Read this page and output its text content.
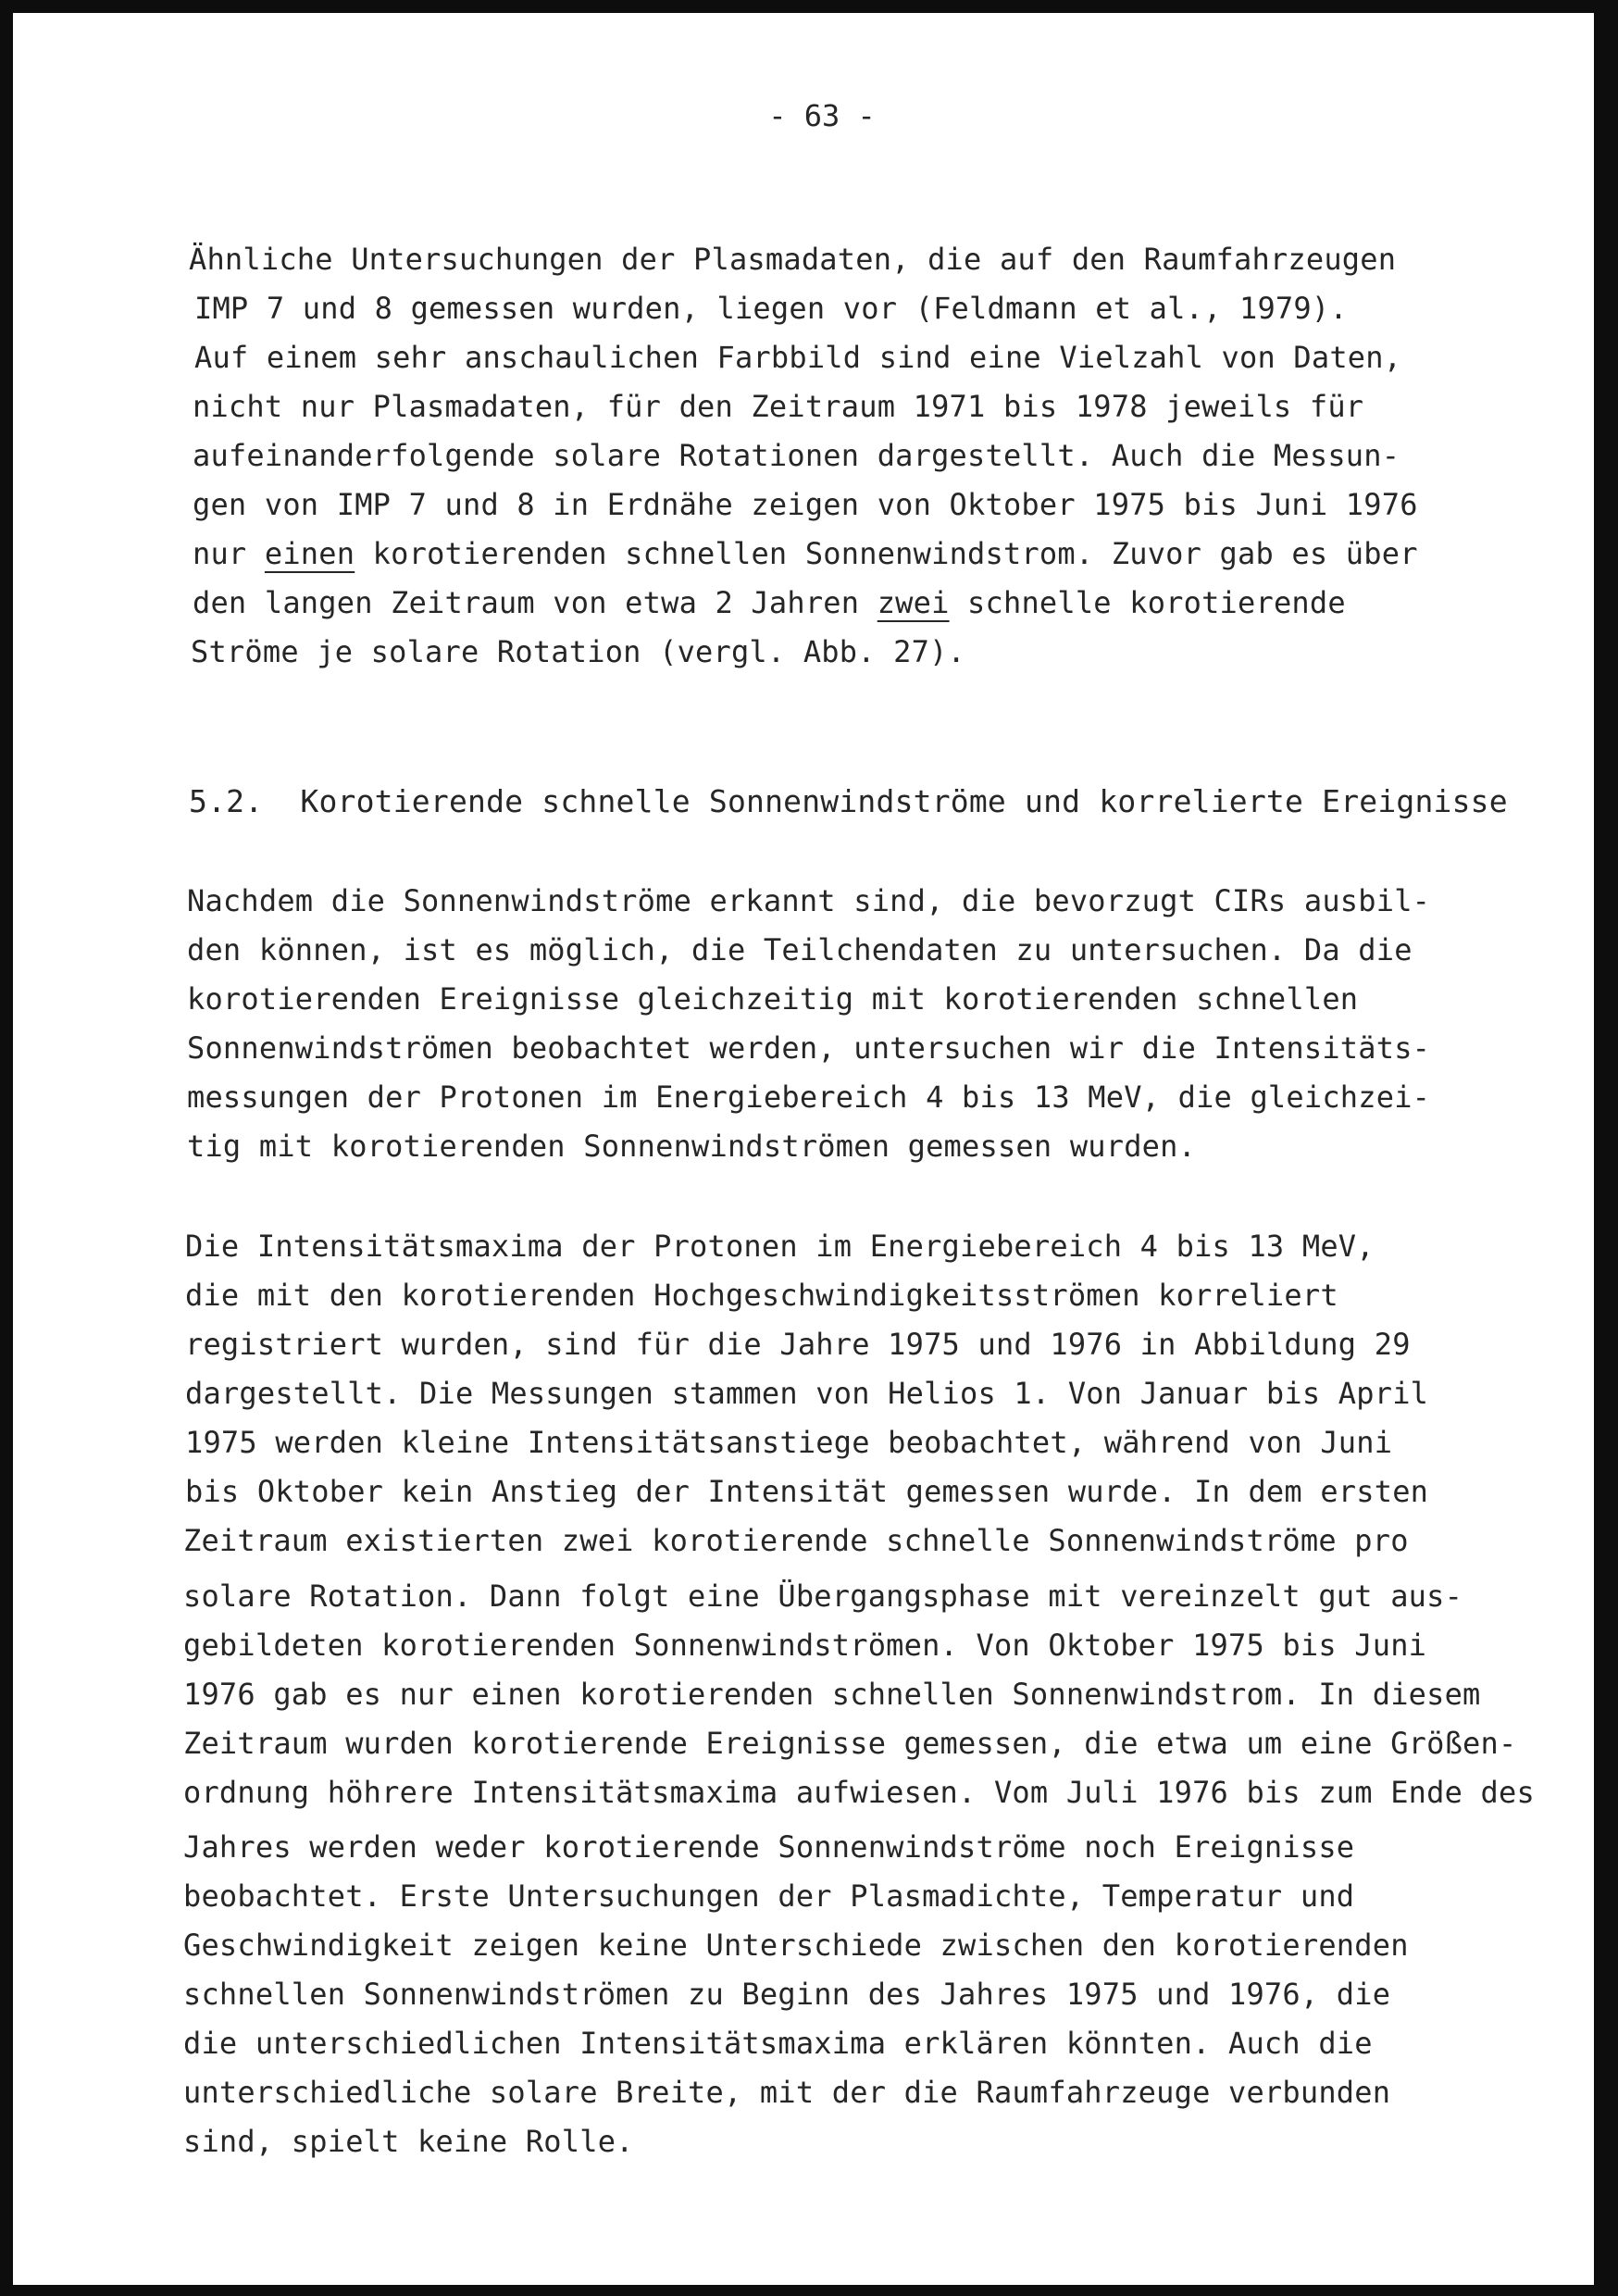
- 63 -
Ähnliche Untersuchungen der Plasmadaten, die auf den Raumfahrzeugen
IMP 7 und 8 gemessen wurden, liegen vor (Feldmann et al., 1979).
Auf einem sehr anschaulichen Farbbild sind eine Vielzahl von Daten,
nicht nur Plasmadaten, für den Zeitraum 1971 bis 1978 jeweils für
aufeinanderfolgende solare Rotationen dargestellt. Auch die Messun-
gen von IMP 7 und 8 in Erdnähe zeigen von Oktober 1975 bis Juni 1976
nur einen korotierenden schnellen Sonnenwindstrom. Zuvor gab es über
den langen Zeitraum von etwa 2 Jahren zwei schnelle korotierende
Ströme je solare Rotation (vergl. Abb. 27).
5.2.  Korotierende schnelle Sonnenwindströme und korrelierte Ereignisse
Nachdem die Sonnenwindströme erkannt sind, die bevorzugt CIRs ausbil-
den können, ist es möglich, die Teilchendaten zu untersuchen. Da die
korotierenden Ereignisse gleichzeitig mit korotierenden schnellen
Sonnenwindströmen beobachtet werden, untersuchen wir die Intensitäts-
messungen der Protonen im Energiebereich 4 bis 13 MeV, die gleichzei-
tig mit korotierenden Sonnenwindströmen gemessen wurden.
Die Intensitätsmaxima der Protonen im Energiebereich 4 bis 13 MeV,
die mit den korotierenden Hochgeschwindigkeitsströmen korreliert
registriert wurden, sind für die Jahre 1975 und 1976 in Abbildung 29
dargestellt. Die Messungen stammen von Helios 1. Von Januar bis April
1975 werden kleine Intensitätsanstiege beobachtet, während von Juni
bis Oktober kein Anstieg der Intensität gemessen wurde. In dem ersten
Zeitraum existierten zwei korotierende schnelle Sonnenwindströme pro
solare Rotation. Dann folgt eine Übergangsphase mit vereinzelt gut aus-
gebildeten korotierenden Sonnenwindströmen. Von Oktober 1975 bis Juni
1976 gab es nur einen korotierenden schnellen Sonnenwindstrom. In diesem
Zeitraum wurden korotierende Ereignisse gemessen, die etwa um eine Größen-
ordnung höhrere Intensitätsmaxima aufwiesen. Vom Juli 1976 bis zum Ende des
Jahres werden weder korotierende Sonnenwindströme noch Ereignisse
beobachtet. Erste Untersuchungen der Plasmadichte, Temperatur und
Geschwindigkeit zeigen keine Unterschiede zwischen den korotierenden
schnellen Sonnenwindströmen zu Beginn des Jahres 1975 und 1976, die
die unterschiedlichen Intensitätsmaxima erklären könnten. Auch die
unterschiedliche solare Breite, mit der die Raumfahrzeuge verbunden
sind, spielt keine Rolle.
